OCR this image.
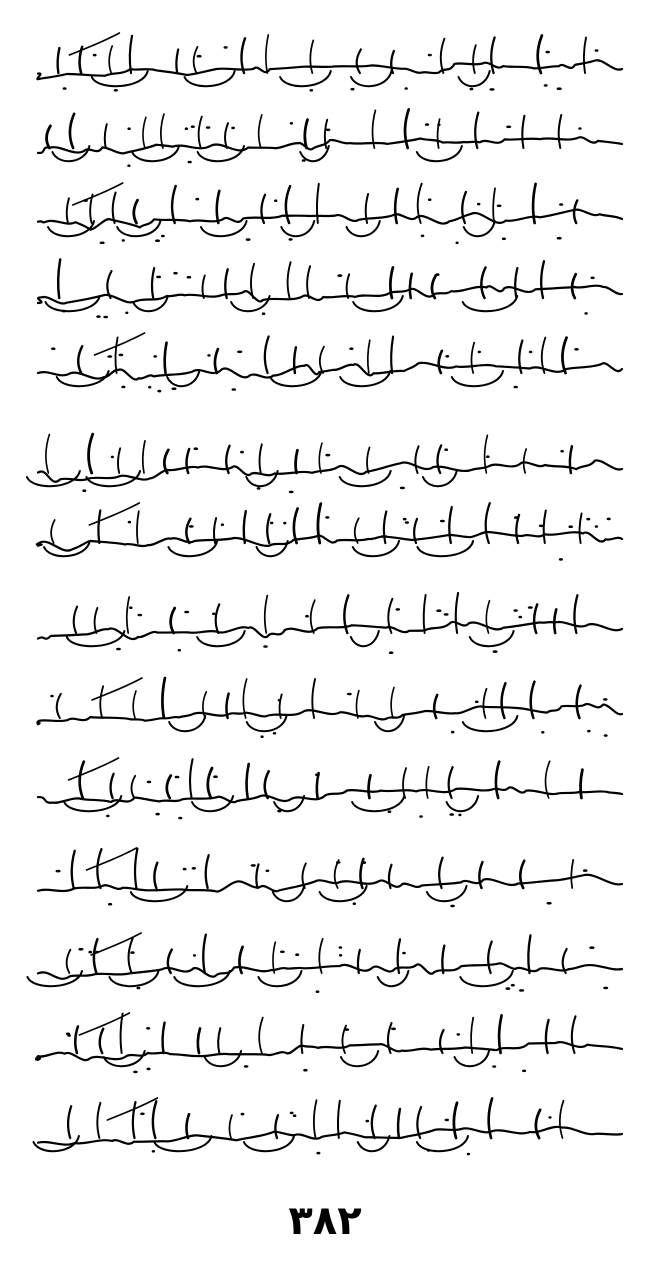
۳۸۲
